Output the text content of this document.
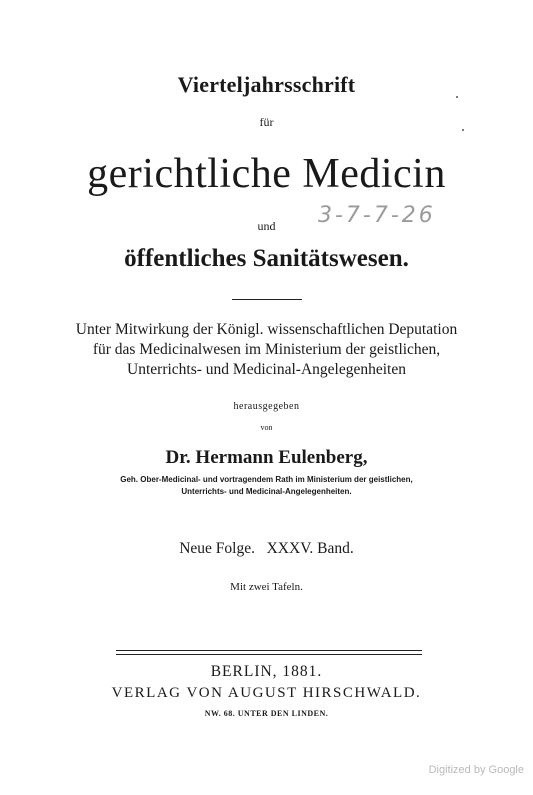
Vierteljahrsschrift
für
gerichtliche Medicin
3-7-7-26
und
öffentliches Sanitätswesen.
Unter Mitwirkung der Königl. wissenschaftlichen Deputation
für das Medicinalwesen im Ministerium der geistlichen,
Unterrichts- und Medicinal-Angelegenheiten
herausgegeben
von
Dr. Hermann Eulenberg,
Geh. Ober-Medicinal- und vortragendem Rath im Ministerium der geistlichen,
Unterrichts- und Medicinal-Angelegenheiten.
Neue Folge.   XXXV. Band.
Mit zwei Tafeln.
BERLIN, 1881.
VERLAG VON AUGUST HIRSCHWALD.
NW. 68. UNTER DEN LINDEN.
Digitized by Google
